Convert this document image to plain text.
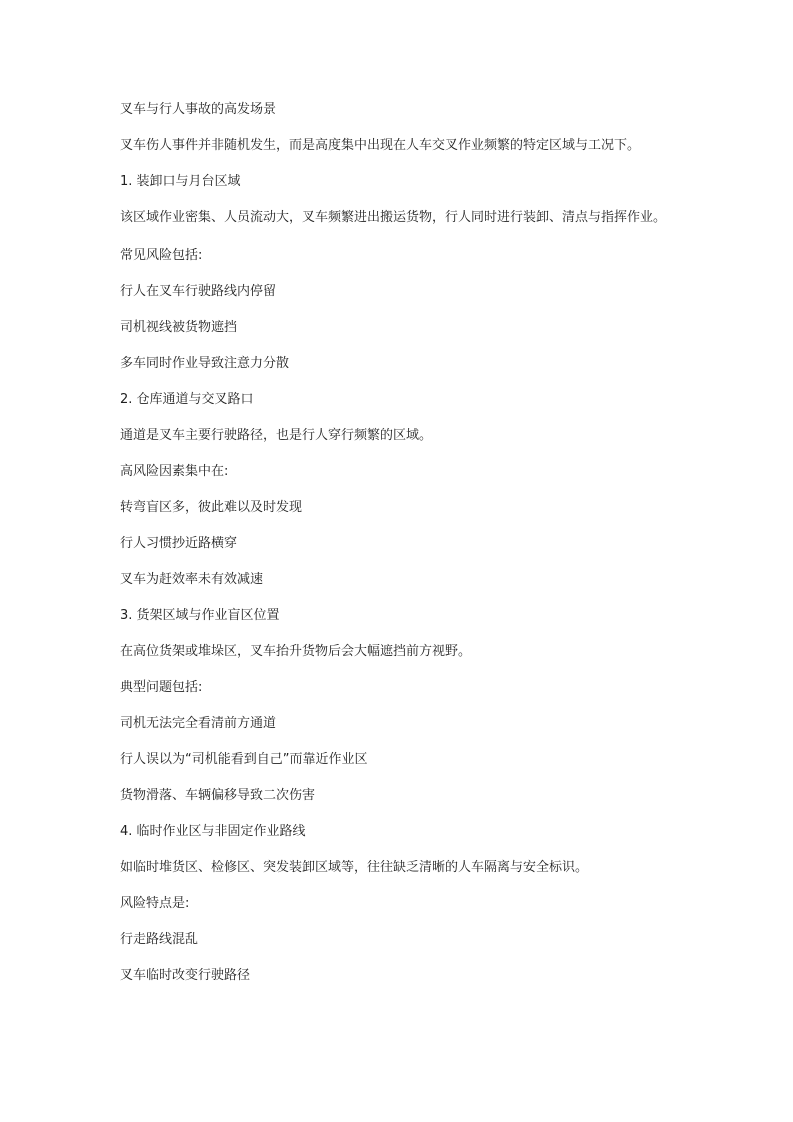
叉车与行人事故的高发场景

叉车伤人事件并非随机发生，而是高度集中出现在人车交叉作业频繁的特定区域与工况下。

1. 装卸口与月台区域

该区域作业密集、人员流动大，叉车频繁进出搬运货物，行人同时进行装卸、清点与指挥作业。

常见风险包括:

行人在叉车行驶路线内停留

司机视线被货物遮挡

多车同时作业导致注意力分散

2. 仓库通道与交叉路口

通道是叉车主要行驶路径，也是行人穿行频繁的区域。

高风险因素集中在:

转弯盲区多，彼此难以及时发现

行人习惯抄近路横穿

叉车为赶效率未有效减速

3. 货架区域与作业盲区位置

在高位货架或堆垛区，叉车抬升货物后会大幅遮挡前方视野。

典型问题包括:

司机无法完全看清前方通道

行人误以为“司机能看到自己”而靠近作业区

货物滑落、车辆偏移导致二次伤害

4. 临时作业区与非固定作业路线

如临时堆货区、检修区、突发装卸区域等，往往缺乏清晰的人车隔离与安全标识。

风险特点是:

行走路线混乱

叉车临时改变行驶路径
